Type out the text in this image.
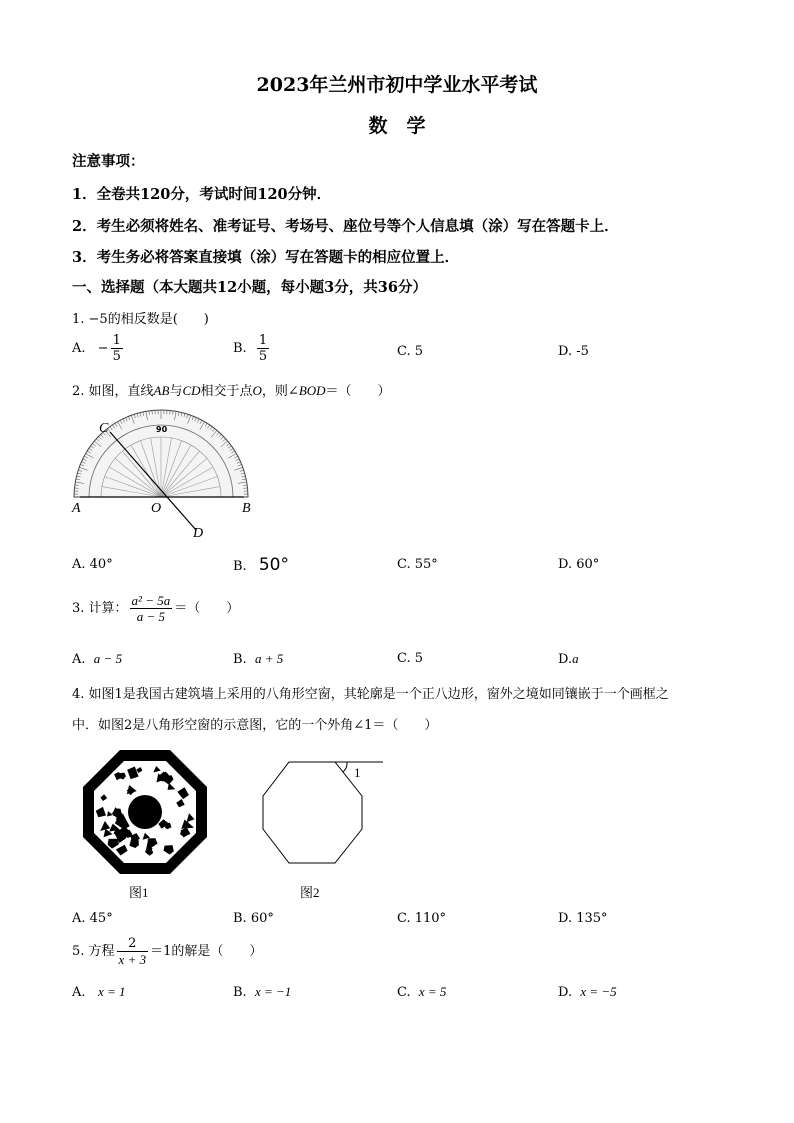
2023年兰州市初中学业水平考试
数　学
注意事项：
1．全卷共120分，考试时间120分钟．
2．考生必须将姓名、准考证号、考场号、座位号等个人信息填（涂）写在答题卡上．
3．考生务必将答案直接填（涂）写在答题卡的相应位置上．
一、选择题（本大题共12小题，每小题3分，共36分）
1. −5的相反数是(　　)
A. − $\frac{1}{5}$	B. $\frac{1}{5}$	C. 5	D. -5
2. 如图，直线AB与CD相交于点O，则∠BOD＝（　　）
C
A	O	B
D
90
A. 40°	B. 50°	C. 55°	D. 60°
3. 计算： $\frac{\text{a² − 5a}}{a - 5}$ ＝（　　）
A. a − 5	B. a + 5	C. 5	D.a
4. 如图1是我国古建筑墙上采用的八角形空窗，其轮廓是一个正八边形，窗外之境如同镶嵌于一个画框之
中．如图2是八角形空窗的示意图，它的一个外角∠1＝（　　）
1
图1	图2
A. 45°	B. 60°	C. 110°	D. 135°
5. 方程 $\frac{2}{x + 3} =1$的解是（　　）
A. x = 1	B. x = −1	C. x = 5	D. x = −5
